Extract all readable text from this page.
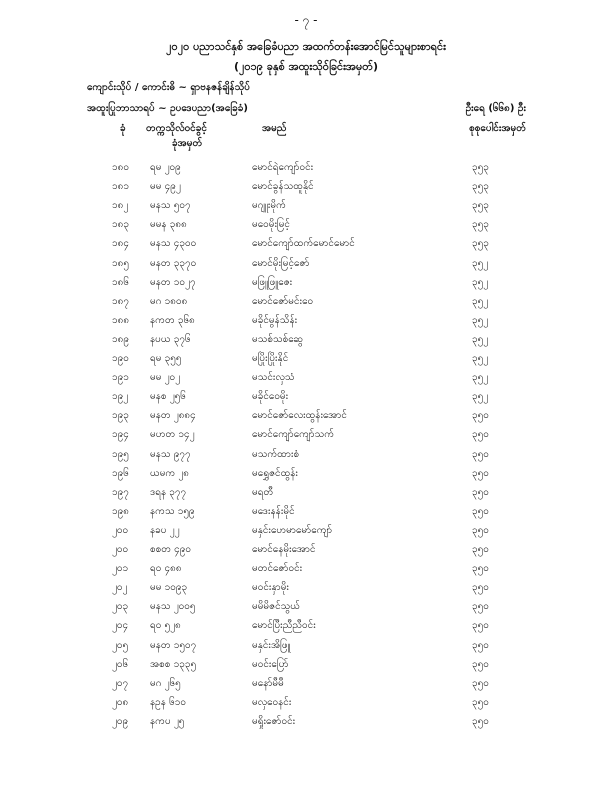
- ၇ -
၂၀၂၀ ပညာသင်နှစ် အခြေခံပညာ အထက်တန်းအောင်မြင်သူများစာရင်း
(၂၀၁၉ ခုနှစ် အထူးသိုဝ်ခြင်းအမှတ်)
ကျောင်းသိုပ် / ကောင်းဓိ ~ ရှာဗနဇန်ချိန်သိုပ်
အထူးပြုဘာသာရပ် ~ ဥပဒေပညာ(အခြေခံ)	ဦးရေ (၆၆၈) ဦး
ခုံ တက္ကသိုလ်ဝင်ခွင့်
ခုံအမှတ်
အမည်	စုစုပေါင်းအမှတ်
၁၈၀ ရမ ၂၀၉	မောင်ရဲကျော်ဝင်း	၃၅၃
၁၈၁ မမ ၄၉၂	မောင်ခွန်သထူနိုင်	၃၅၃
၁၈၂ မနသ ၅၀၇	မဂျူးမိုက်	၃၅၃
၁၈၃ မမန ၃၈၈	မဝေမိုးမြင့်	၃၅၃
၁၈၄ မနသ ၄၃၀၀	မောင်ကျော်ထက်မောင်မောင်	၃၅၃
၁၈၅ မနတ ၃၃၇၀	မောင်မိုးမြင့်ဇော်	၃၅၂
၁၈၆ မနတ ၁၀၂၇	မဖြူဖြူဇေး	၃၅၂
၁၈၇ မဂ ၁၈၀၈	မောင်ဇော်မင်းဝေ	၃၅၂
၁၈၈ နကတ ၃၆၈	မခိုင်မွန်သိန်း	၃၅၂
၁၈၉ နပယ ၃၇၆	မသစ်သစ်ဆွေ	၃၅၂
၁၉၀ ရမ ၃၅၅	မပြိုးပြိုးနိုင်	၃၅၂
၁၉၁ မမ ၂၀၂	မသင်းလှသံ	၃၅၂
၁၉၂ မနစ ၂၅၆	မခိုင်ဝေမိုး	၃၅၂
၁၉၃ မနတ ၂၈၈၄	မောင်ဇော်လေးထွန်းအောင်	၃၅၀
၁၉၄ မဟတ ၁၄၂	မောင်ကျော်ကျော်သက်	၃၅၀
၁၉၅ မနသ ၉၇၇	မသက်ထားစံ	၃၅၀
၁၉၆ ယမက ၂၈	မရွှေဇင်ထွန်း	၃၅၀
၁၉၇ ဒရန ၃၇၇	မရတီ	၃၅၀
၁၉၈ နကသ ၁၅၉	မဒေးနန်းမိုင်	၃၅၀
၂၀၀ နခပ ၂၂	မနှင်းဟေမာမော်ကျော်	၃၅၀
၂၀၀ စစတ ၄၉၀	မောင်နေမိုးအောင်	၃၅၀
၂၀၁ ရဝ ၄၈၈	မတင်ဇော်ဝင်း	၃၅၀
၂၀၂ မမ ၁၀၉၃	မဝင်းနှာမိုး	၃၅၀
၂၀၃ မနသ ၂၀၀၅	မမိမိဇင်သွယ်	၃၅၀
၂၀၄ ရဝ ၅၂၈	မောင်ပြီးညီညီဝင်း	၃၅၀
၂၀၅ မနတ ၁၅၀၇	မနှင်းအိဖြူ	၃၅၀
၂၀၆ အစစ ၁၃၃၅	မဝင်းပြော်	၃၅၀
၂၀၇ မဂ ၂၆၅	မနော်မီမီ	၃၅၀
၂၀၈ နဥန ၆၁၀	မလှဝေနင်း	၃၅၀
၂၀၉ နကပ ၂၅	မရှိုးဇော်ဝင်း	၃၅၀
